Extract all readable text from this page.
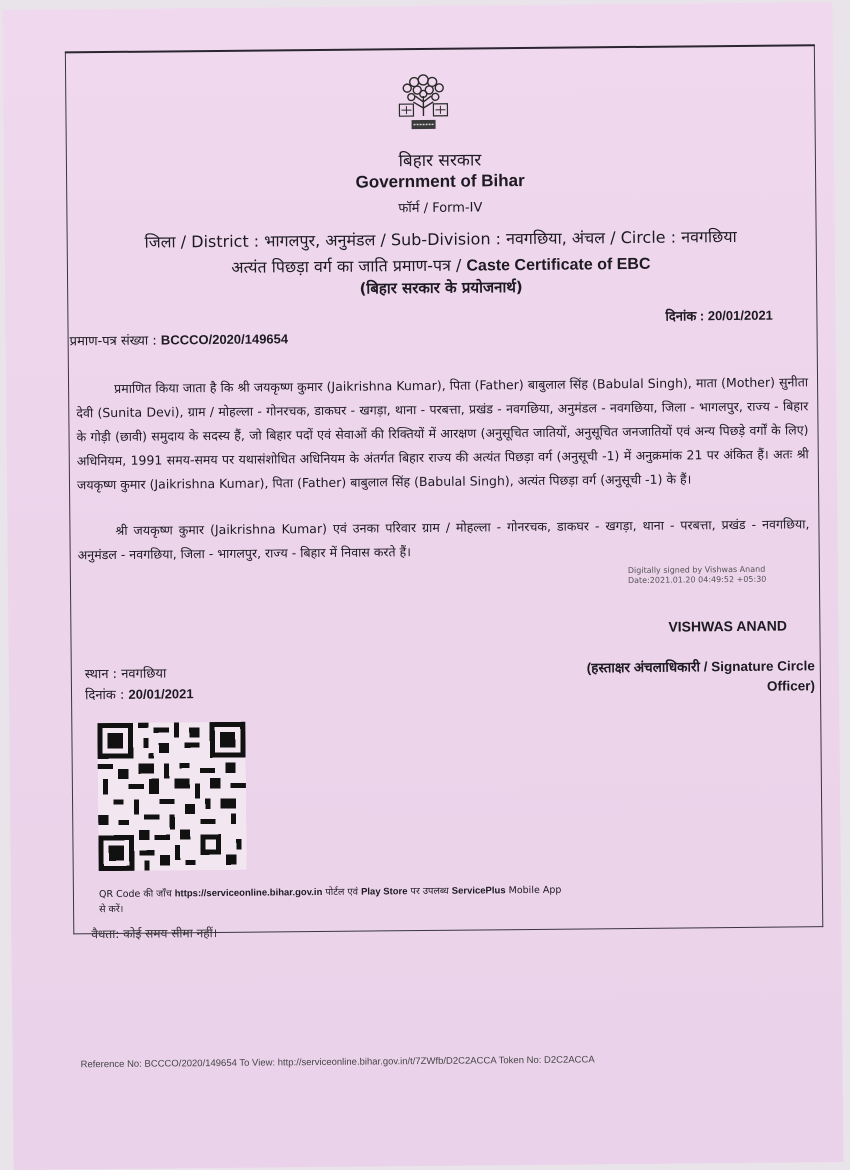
बिहार सरकार
Government of Bihar
फॉर्म / Form-IV
जिला / District : भागलपुर, अनुमंडल / Sub-Division : नवगछिया, अंचल / Circle : नवगछिया
अत्यंत पिछड़ा वर्ग का जाति प्रमाण-पत्र / Caste Certificate of EBC
(बिहार सरकार के प्रयोजनार्थ)
दिनांक : 20/01/2021
प्रमाण-पत्र संख्या : BCCCO/2020/149654
प्रमाणित किया जाता है कि श्री जयकृष्ण कुमार (Jaikrishna Kumar), पिता (Father) बाबुलाल सिंह (Babulal Singh), माता (Mother) सुनीता देवी (Sunita Devi), ग्राम / मोहल्ला - गोनरचक, डाकघर - खगड़ा, थाना - परबत्ता, प्रखंड - नवगछिया, अनुमंडल - नवगछिया, जिला - भागलपुर, राज्य - बिहार के गोड़ी (छावी) समुदाय के सदस्य हैं, जो बिहार पदों एवं सेवाओं की रिक्तियों में आरक्षण (अनुसूचित जातियों, अनुसूचित जनजातियों एवं अन्य पिछड़े वर्गों के लिए) अधिनियम, 1991 समय-समय पर यथासंशोधित अधिनियम के अंतर्गत बिहार राज्य की अत्यंत पिछड़ा वर्ग (अनुसूची -1) में अनुक्रमांक 21 पर अंकित हैं। अतः श्री जयकृष्ण कुमार (Jaikrishna Kumar), पिता (Father) बाबुलाल सिंह (Babulal Singh), अत्यंत पिछड़ा वर्ग (अनुसूची -1) के हैं।
श्री जयकृष्ण कुमार (Jaikrishna Kumar) एवं उनका परिवार ग्राम / मोहल्ला - गोनरचक, डाकघर - खगड़ा, थाना - परबत्ता, प्रखंड - नवगछिया, अनुमंडल - नवगछिया, जिला - भागलपुर, राज्य - बिहार में निवास करते हैं।
Digitally signed by Vishwas Anand
Date:2021.01.20 04:49:52 +05:30
VISHWAS ANAND
स्थान : नवगछिया
दिनांक : 20/01/2021
(हस्ताक्षर अंचलाधिकारी / Signature Circle
Officer)
QR Code की जाँच https://serviceonline.bihar.gov.in पोर्टल एवं Play Store पर उपलब्ध ServicePlus Mobile App से करें।
वैधता: कोई समय सीमा नहीं।
Reference No: BCCCO/2020/149654 To View: http://serviceonline.bihar.gov.in/t/7ZWfb/D2C2ACCA Token No: D2C2ACCA
